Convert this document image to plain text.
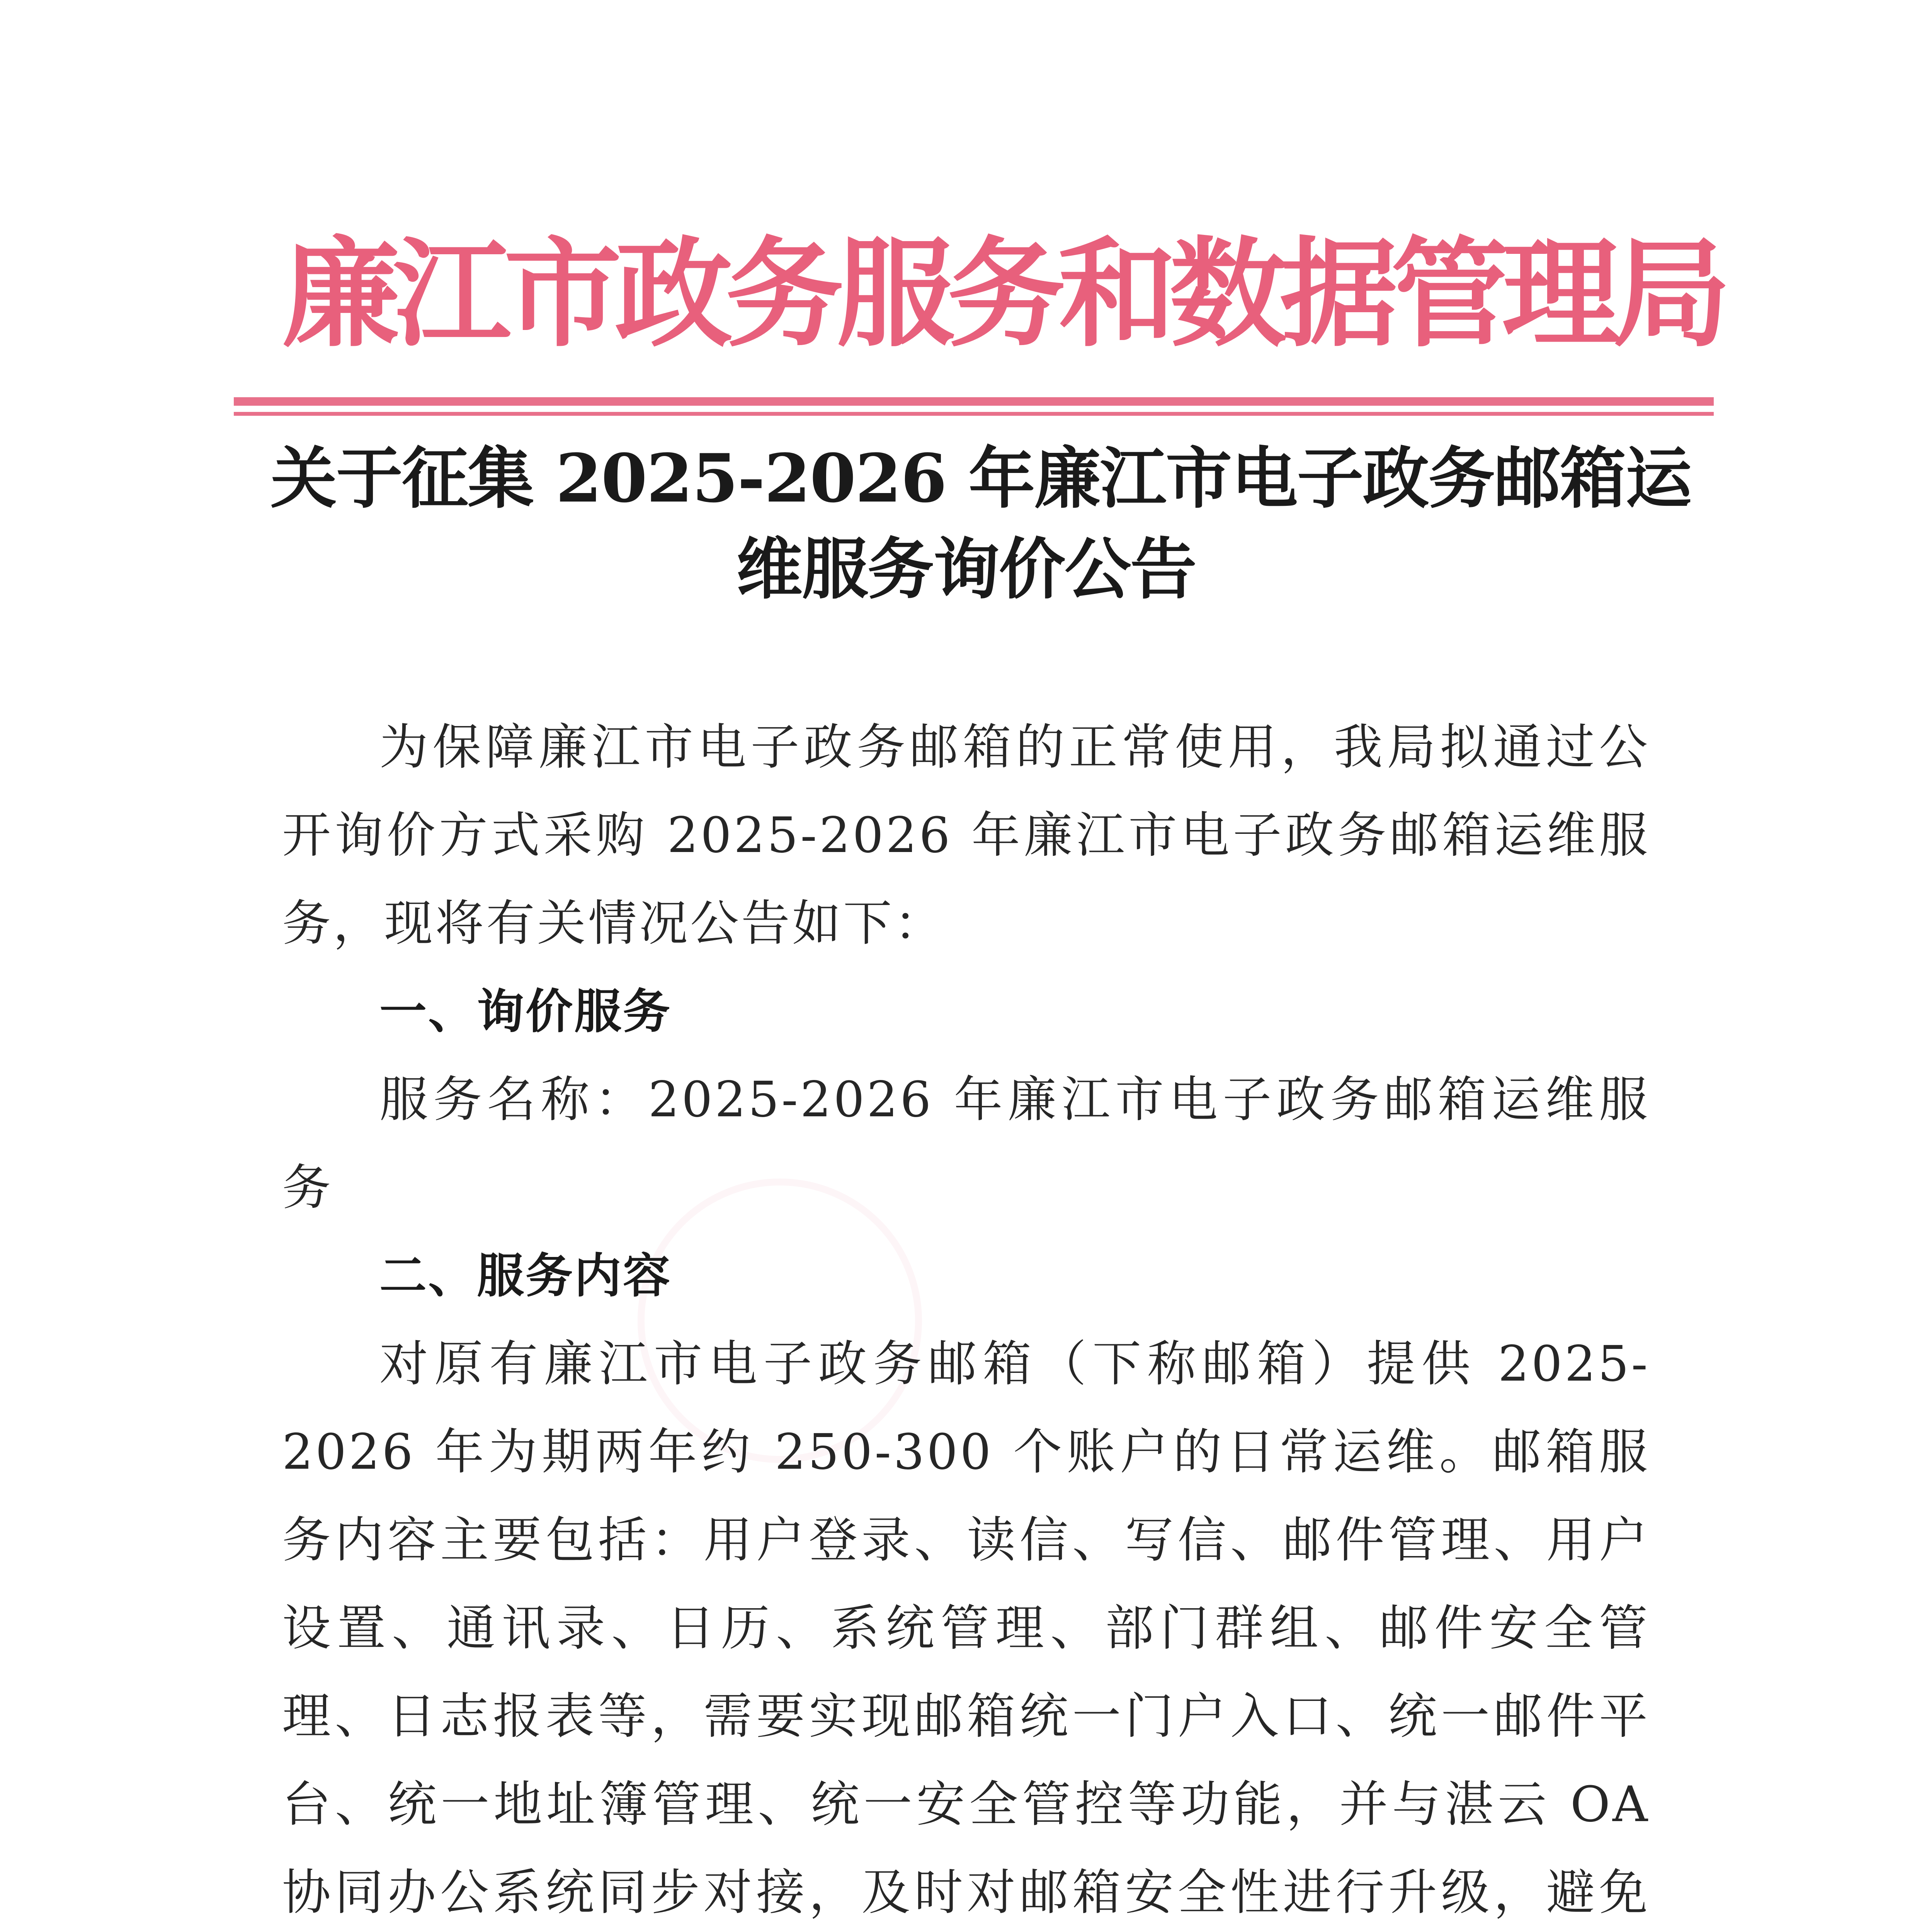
廉江市政务服务和数据管理局
关于征集 2025-2026 年廉江市电子政务邮箱运
维服务询价公告

为保障廉江市电子政务邮箱的正常使用，我局拟通过公开询价方式采购 2025-2026 年廉江市电子政务邮箱运维服务，现将有关情况公告如下：

一、询价服务

服务名称：2025-2026 年廉江市电子政务邮箱运维服务

二、服务内容

对原有廉江市电子政务邮箱（下称邮箱）提供 2025-2026 年为期两年约 250-300 个账户的日常运维。邮箱服务内容主要包括：用户登录、读信、写信、邮件管理、用户设置、通讯录、日历、系统管理、部门群组、邮件安全管理、日志报表等，需要实现邮箱统一门户入口、统一邮件平台、统一地址簿管理、统一安全管控等功能，并与湛云 OA 协同办公系统同步对接，及时对邮箱安全性进行升级，避免
